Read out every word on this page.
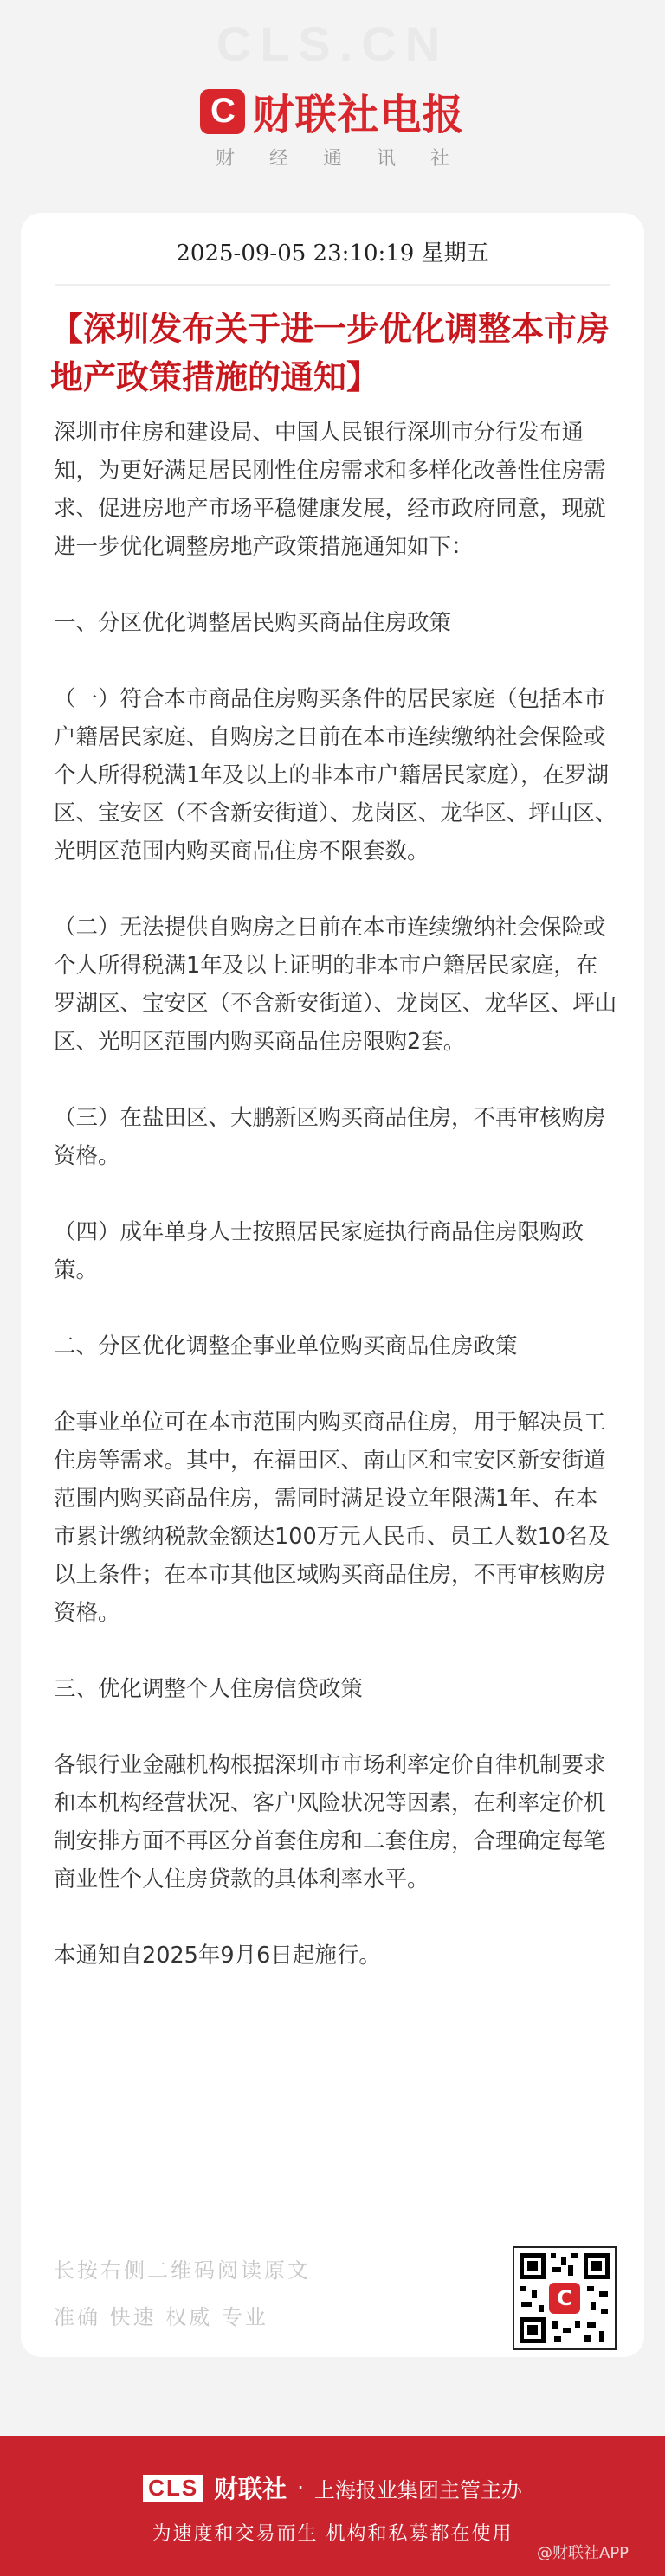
CLS.CN
C 财联社电报
财经通讯社
2025-09-05 23:10:19 星期五
【深圳发布关于进一步优化调整本市房地产政策措施的通知】

深圳市住房和建设局、中国人民银行深圳市分行发布通知，为更好满足居民刚性住房需求和多样化改善性住房需求、促进房地产市场平稳健康发展，经市政府同意，现就进一步优化调整房地产政策措施通知如下：

一、分区优化调整居民购买商品住房政策

（一）符合本市商品住房购买条件的居民家庭（包括本市户籍居民家庭、自购房之日前在本市连续缴纳社会保险或个人所得税满1年及以上的非本市户籍居民家庭），在罗湖区、宝安区（不含新安街道）、龙岗区、龙华区、坪山区、光明区范围内购买商品住房不限套数。

（二）无法提供自购房之日前在本市连续缴纳社会保险或个人所得税满1年及以上证明的非本市户籍居民家庭，在罗湖区、宝安区（不含新安街道）、龙岗区、龙华区、坪山区、光明区范围内购买商品住房限购2套。

（三）在盐田区、大鹏新区购买商品住房，不再审核购房资格。

（四）成年单身人士按照居民家庭执行商品住房限购政策。

二、分区优化调整企事业单位购买商品住房政策

企事业单位可在本市范围内购买商品住房，用于解决员工住房等需求。其中，在福田区、南山区和宝安区新安街道范围内购买商品住房，需同时满足设立年限满1年、在本市累计缴纳税款金额达100万元人民币、员工人数10名及以上条件；在本市其他区域购买商品住房，不再审核购房资格。

三、优化调整个人住房信贷政策

各银行业金融机构根据深圳市市场利率定价自律机制要求和本机构经营状况、客户风险状况等因素，在利率定价机制安排方面不再区分首套住房和二套住房，合理确定每笔商业性个人住房贷款的具体利率水平。

本通知自2025年9月6日起施行。

长按右侧二维码阅读原文
准确 快速 权威 专业
C
CLS 财联社 · 上海报业集团主管主办
为速度和交易而生 机构和私募都在使用
@财联社APP
